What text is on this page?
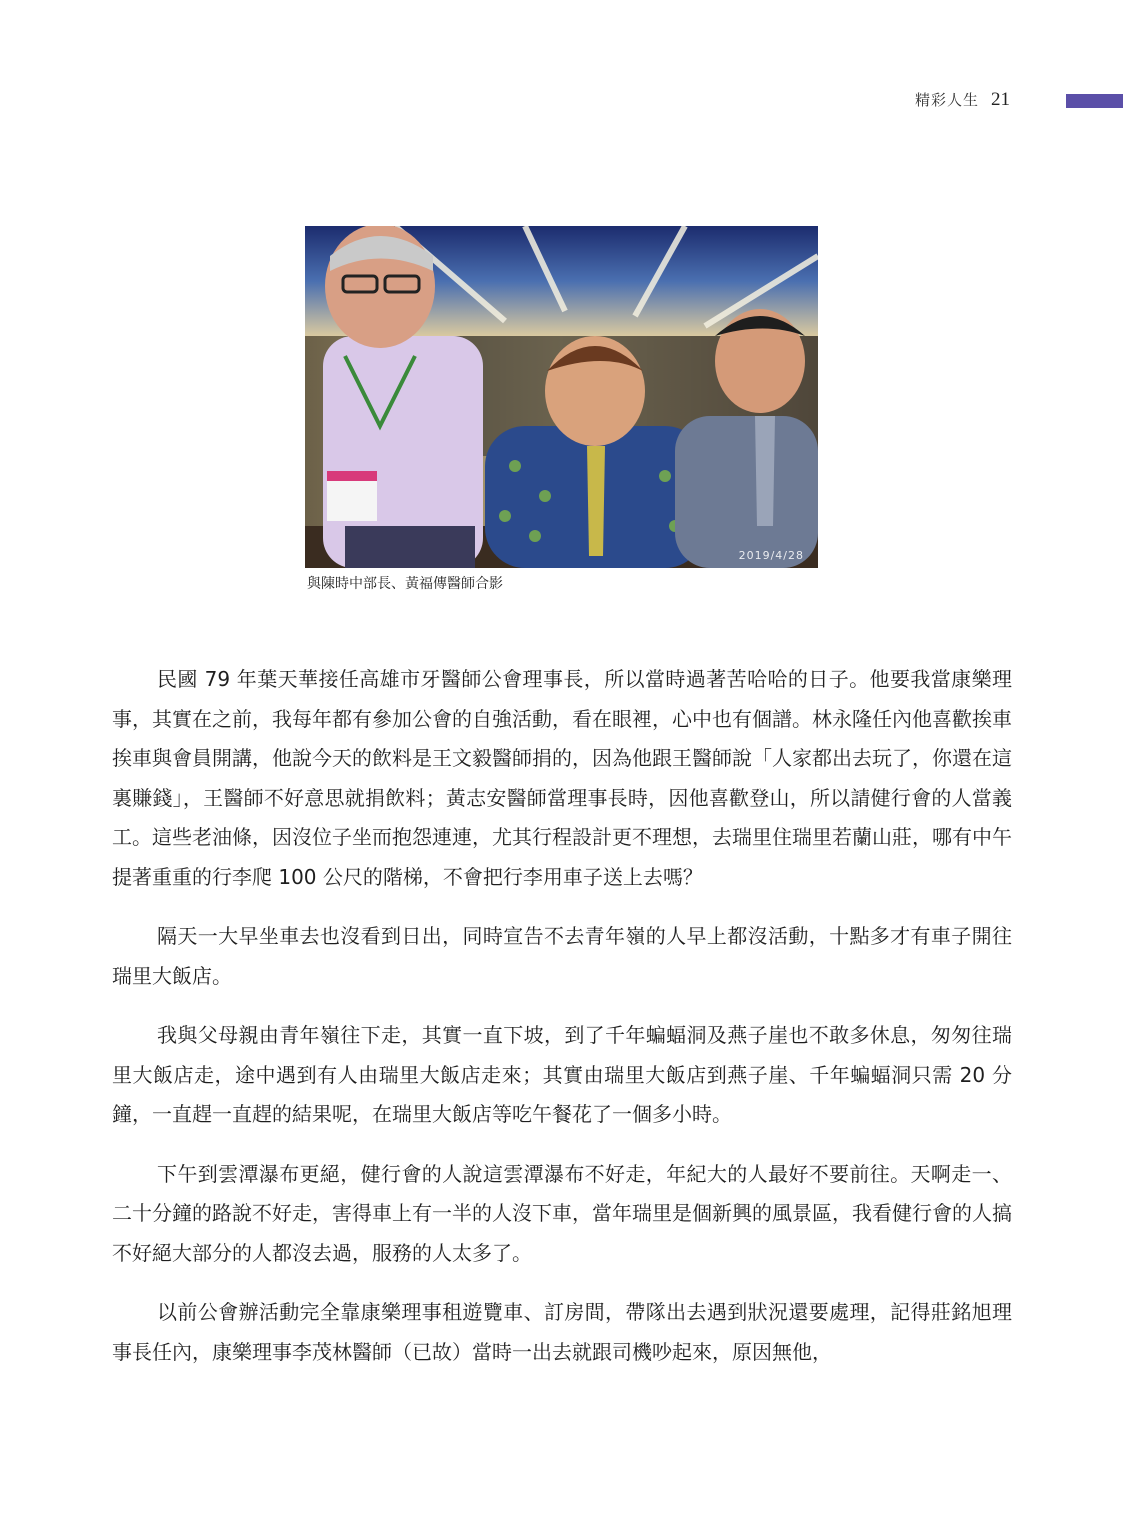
精彩人生 21
2019/4/28
與陳時中部長、黃福傳醫師合影

民國 79 年葉天華接任高雄市牙醫師公會理事長，所以當時過著苦哈哈的日子。他要我當康樂理事，其實在之前，我每年都有參加公會的自強活動，看在眼裡，心中也有個譜。林永隆任內他喜歡挨車挨車與會員開講，他說今天的飲料是王文毅醫師捐的，因為他跟王醫師說「人家都出去玩了，你還在這裏賺錢」，王醫師不好意思就捐飲料；黃志安醫師當理事長時，因他喜歡登山，所以請健行會的人當義工。這些老油條，因沒位子坐而抱怨連連，尤其行程設計更不理想，去瑞里住瑞里若蘭山莊，哪有中午提著重重的行李爬 100 公尺的階梯，不會把行李用車子送上去嗎？

隔天一大早坐車去也沒看到日出，同時宣告不去青年嶺的人早上都沒活動，十點多才有車子開往瑞里大飯店。

我與父母親由青年嶺往下走，其實一直下坡，到了千年蝙蝠洞及燕子崖也不敢多休息，匆匆往瑞里大飯店走，途中遇到有人由瑞里大飯店走來；其實由瑞里大飯店到燕子崖、千年蝙蝠洞只需 20 分鐘，一直趕一直趕的結果呢，在瑞里大飯店等吃午餐花了一個多小時。

下午到雲潭瀑布更絕，健行會的人說這雲潭瀑布不好走，年紀大的人最好不要前往。天啊走一、二十分鐘的路說不好走，害得車上有一半的人沒下車，當年瑞里是個新興的風景區，我看健行會的人搞不好絕大部分的人都沒去過，服務的人太多了。

以前公會辦活動完全靠康樂理事租遊覽車、訂房間，帶隊出去遇到狀況還要處理，記得莊銘旭理事長任內，康樂理事李茂林醫師（已故）當時一出去就跟司機吵起來，原因無他，
